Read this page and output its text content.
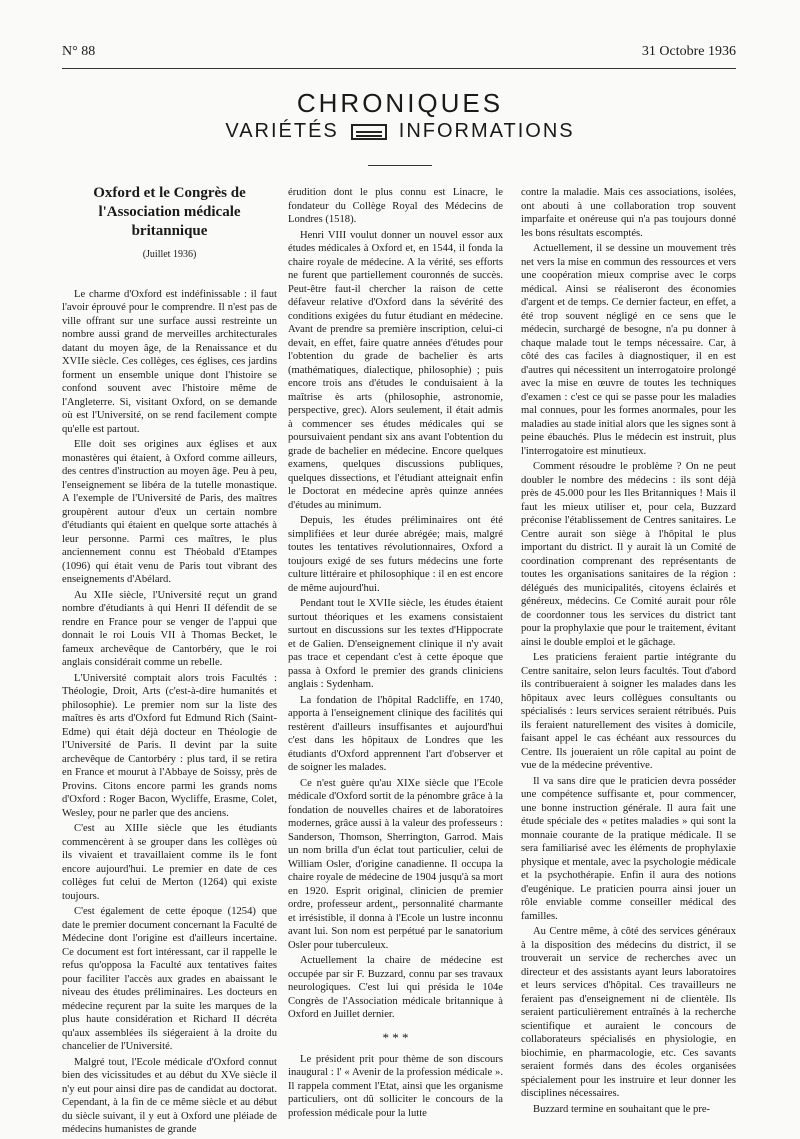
N° 88	31 Octobre 1936
CHRONIQUES
VARIÉTÉS	INFORMATIONS
Oxford et le Congrès de l'Association médicale britannique
(Juillet 1936)

Le charme d'Oxford est indéfinissable : il faut l'avoir éprouvé pour le comprendre. Il n'est pas de ville offrant sur une surface aussi restreinte un nombre aussi grand de merveilles architecturales datant du moyen âge, de la Renaissance et du XVIIe siècle. Ces collèges, ces églises, ces jardins forment un ensemble unique dont l'histoire se confond souvent avec l'histoire même de l'Angleterre. Si, visitant Oxford, on se demande où est l'Université, on se rend facilement compte qu'elle est partout.

Elle doit ses origines aux églises et aux monastères qui étaient, à Oxford comme ailleurs, des centres d'instruction au moyen âge. Peu à peu, l'enseignement se libéra de la tutelle monastique. A l'exemple de l'Université de Paris, des maîtres groupèrent autour d'eux un certain nombre d'étudiants qui étaient en quelque sorte attachés à leur personne. Parmi ces maîtres, le plus anciennement connu est Théobald d'Etampes (1096) qui était venu de Paris tout vibrant des enseignements d'Abélard.

Au XIIe siècle, l'Université reçut un grand nombre d'étudiants à qui Henri II défendit de se rendre en France pour se venger de l'appui que donnait le roi Louis VII à Thomas Becket, le fameux archevêque de Cantorbéry, que le roi anglais considérait comme un rebelle.

L'Université comptait alors trois Facultés : Théologie, Droit, Arts (c'est-à-dire humanités et philosophie). Le premier nom sur la liste des maîtres ès arts d'Oxford fut Edmund Rich (Saint-Edme) qui était déjà docteur en Théologie de l'Université de Paris. Il devint par la suite archevêque de Cantorbéry : plus tard, il se retira en France et mourut à l'Abbaye de Soissy, près de Provins. Citons encore parmi les grands noms d'Oxford : Roger Bacon, Wycliffe, Erasme, Colet, Wesley, pour ne parler que des anciens.

C'est au XIIIe siècle que les étudiants commencèrent à se grouper dans les collèges où ils vivaient et travaillaient comme ils le font encore aujourd'hui. Le premier en date de ces collèges fut celui de Merton (1264) qui existe toujours.

C'est également de cette époque (1254) que date le premier document concernant la Faculté de Médecine dont l'origine est d'ailleurs incertaine. Ce document est fort intéressant, car il rappelle le refus qu'opposa la Faculté aux tentatives faites pour faciliter l'accès aux grades en abaissant le niveau des études préliminaires. Les docteurs en médecine reçurent par la suite les marques de la plus haute considération et Richard II décréta qu'aux assemblées ils siégeraient à la droite du chancelier de l'Université.

Malgré tout, l'Ecole médicale d'Oxford connut bien des vicissitudes et au début du XVe siècle il n'y eut pour ainsi dire pas de candidat au doctorat. Cependant, à la fin de ce même siècle et au début du siècle suivant, il y eut à Oxford une pléiade de médecins humanistes de grande

érudition dont le plus connu est Linacre, le fondateur du Collège Royal des Médecins de Londres (1518).

Henri VIII voulut donner un nouvel essor aux études médicales à Oxford et, en 1544, il fonda la chaire royale de médecine. A la vérité, ses efforts ne furent que partiellement couronnés de succès. Peut-être faut-il chercher la raison de cette défaveur relative d'Oxford dans la sévérité des conditions exigées du futur étudiant en médecine. Avant de prendre sa première inscription, celui-ci devait, en effet, faire quatre années d'études pour l'obtention du grade de bachelier ès arts (mathématiques, dialectique, philosophie) ; puis encore trois ans d'études le conduisaient à la maîtrise ès arts (philosophie, astronomie, perspective, grec). Alors seulement, il était admis à commencer ses études médicales qui se poursuivaient pendant six ans avant l'obtention du grade de bachelier en médecine. Encore quelques examens, quelques discussions publiques, quelques dissections, et l'étudiant atteignait enfin le Doctorat en médecine après quinze années d'études au minimum.

Depuis, les études préliminaires ont été simplifiées et leur durée abrégée; mais, malgré toutes les tentatives révolutionnaires, Oxford a toujours exigé de ses futurs médecins une forte culture littéraire et philosophique : il en est encore de même aujourd'hui.

Pendant tout le XVIIe siècle, les études étaient surtout théoriques et les examens consistaient surtout en discussions sur les textes d'Hippocrate et de Galien. D'enseignement clinique il n'y avait pas trace et cependant c'est à cette époque que passa à Oxford le premier des grands cliniciens anglais : Sydenham.

La fondation de l'hôpital Radcliffe, en 1740, apporta à l'enseignement clinique des facilités qui restèrent d'ailleurs insuffisantes et aujourd'hui c'est dans les hôpitaux de Londres que les étudiants d'Oxford apprennent l'art d'observer et de soigner les malades.

Ce n'est guère qu'au XIXe siècle que l'Ecole médicale d'Oxford sortit de la pénombre grâce à la fondation de nouvelles chaires et de laboratoires modernes, grâce aussi à la valeur des professeurs : Sanderson, Thomson, Sherrington, Garrod. Mais un nom brilla d'un éclat tout particulier, celui de William Osler, d'origine canadienne. Il occupa la chaire royale de médecine de 1904 jusqu'à sa mort en 1920. Esprit original, clinicien de premier ordre, professeur ardent,, personnalité charmante et irrésistible, il donna à l'Ecole un lustre inconnu avant lui. Son nom est perpétué par le sanatorium Osler pour tuberculeux.

Actuellement la chaire de médecine est occupée par sir F. Buzzard, connu par ses travaux neurologiques. C'est lui qui présida le 104e Congrès de l'Association médicale britannique à Oxford en Juillet dernier.

* * *

Le président prit pour thème de son discours inaugural : l' « Avenir de la profession médicale ». Il rappela comment l'Etat, ainsi que les organisme particuliers, ont dû solliciter le concours de la profession médicale pour la lutte

contre la maladie. Mais ces associations, isolées, ont abouti à une collaboration trop souvent imparfaite et onéreuse qui n'a pas toujours donné les bons résultats escomptés.

Actuellement, il se dessine un mouvement très net vers la mise en commun des ressources et vers une coopération mieux comprise avec le corps médical. Ainsi se réaliseront des économies d'argent et de temps. Ce dernier facteur, en effet, a été trop souvent négligé en ce sens que le médecin, surchargé de besogne, n'a pu donner à chaque malade tout le temps nécessaire. Car, à côté des cas faciles à diagnostiquer, il en est d'autres qui nécessitent un interrogatoire prolongé avec la mise en œuvre de toutes les techniques d'examen : c'est ce qui se passe pour les maladies mal connues, pour les formes anormales, pour les maladies au stade initial alors que les signes sont à peine ébauchés. Plus le médecin est instruit, plus l'interrogatoire est minutieux.

Comment résoudre le problème ? On ne peut doubler le nombre des médecins : ils sont déjà près de 45.000 pour les Iles Britanniques ! Mais il faut les mieux utiliser et, pour cela, Buzzard préconise l'établissement de Centres sanitaires. Le Centre aurait son siège à l'hôpital le plus important du district. Il y aurait là un Comité de coordination comprenant des représentants de toutes les organisations sanitaires de la région : délégués des municipalités, citoyens éclairés et généreux, médecins. Ce Comité aurait pour rôle de coordonner tous les services du district tant pour la prophylaxie que pour le traitement, évitant ainsi le double emploi et le gâchage.

Les praticiens feraient partie intégrante du Centre sanitaire, selon leurs facultés. Tout d'abord ils contribueraient à soigner les malades dans les hôpitaux avec leurs collègues consultants ou spécialisés : leurs services seraient rétribués. Puis ils feraient naturellement des visites à domicile, faisant appel le cas échéant aux ressources du Centre. Ils joueraient un rôle capital au point de vue de la médecine préventive.

Il va sans dire que le praticien devra posséder une compétence suffisante et, pour commencer, une bonne instruction générale. Il aura fait une étude spéciale des « petites maladies » qui sont la monnaie courante de la pratique médicale. Il se sera familiarisé avec les éléments de prophylaxie physique et mentale, avec la psychologie médicale et la psychothérapie. Enfin il aura des notions d'eugénique. Le praticien pourra ainsi jouer un rôle enviable comme conseiller médical des familles.

Au Centre même, à côté des services généraux à la disposition des médecins du district, il se trouverait un service de recherches avec un directeur et des assistants ayant leurs laboratoires et leurs services d'hôpital. Ces travailleurs ne feraient pas d'enseignement ni de clientèle. Ils seraient particulièrement entraînés à la recherche scientifique et auraient le concours de collaborateurs spécialisés en physiologie, en biochimie, en pharmacologie, etc. Ces savants seraient formés dans des écoles organisées spécialement pour les instruire et leur donner les disciplines nécessaires.

Buzzard termine en souhaitant que le pre-
